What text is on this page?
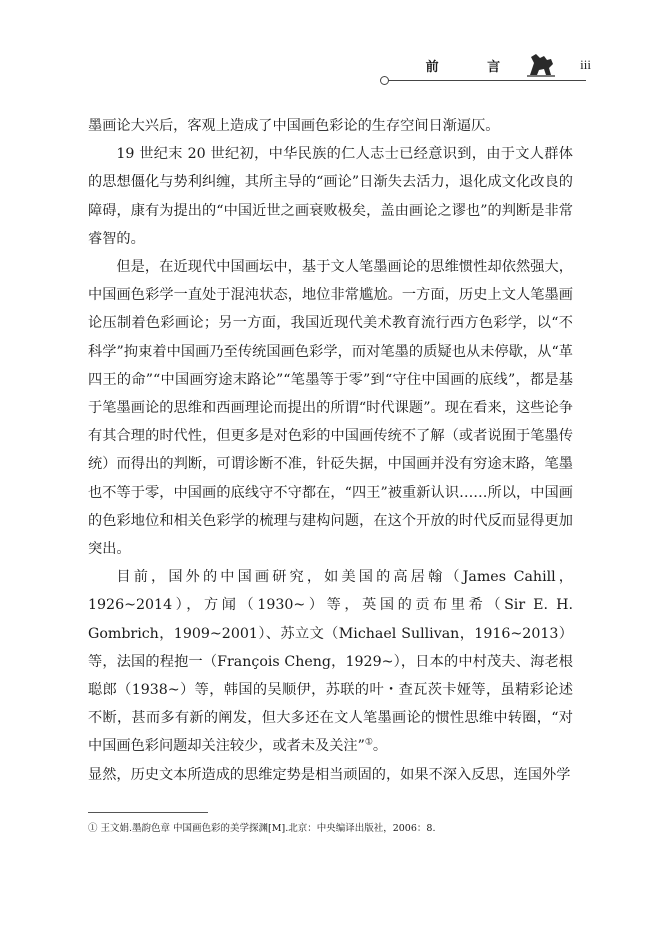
前 言	iii

墨画论大兴后，客观上造成了中国画色彩论的生存空间日渐逼仄。

19 世纪末 20 世纪初，中华民族的仁人志士已经意识到，由于文人群体的思想僵化与势利纠缠，其所主导的“画论”日渐失去活力，退化成文化改良的障碍，康有为提出的“中国近世之画衰败极矣，盖由画论之谬也”的判断是非常睿智的。

但是，在近现代中国画坛中，基于文人笔墨画论的思维惯性却依然强大，中国画色彩学一直处于混沌状态，地位非常尴尬。一方面，历史上文人笔墨画论压制着色彩画论；另一方面，我国近现代美术教育流行西方色彩学，以“不科学”拘束着中国画乃至传统国画色彩学，而对笔墨的质疑也从未停歇，从“革四王的命”“中国画穷途末路论”“笔墨等于零”到“守住中国画的底线”，都是基于笔墨画论的思维和西画理论而提出的所谓“时代课题”。现在看来，这些论争有其合理的时代性，但更多是对色彩的中国画传统不了解（或者说囿于笔墨传统）而得出的判断，可谓诊断不准，针砭失据，中国画并没有穷途末路，笔墨也不等于零，中国画的底线守不守都在，“四王”被重新认识……所以，中国画的色彩地位和相关色彩学的梳理与建构问题，在这个开放的时代反而显得更加突出。

目前，国外的中国画研究，如美国的高居翰（James Cahill，1926~2014），方闻（1930~）等，英国的贡布里希（Sir E. H. Gombrich，1909~2001）、苏立文（Michael Sullivan，1916~2013）等，法国的程抱一（François Cheng，1929~），日本的中村茂夫、海老根聪郎（1938~）等，韩国的吴顺伊，苏联的叶・查瓦茨卡娅等，虽精彩论述不断，甚而多有新的阐发，但大多还在文人笔墨画论的惯性思维中转圈，“对中国画色彩问题却关注较少，或者未及关注”①。

显然，历史文本所造成的思维定势是相当顽固的，如果不深入反思，连国外学

① 王文娟.墨韵色章 中国画色彩的美学探渊[M].北京：中央编译出版社，2006：8.
